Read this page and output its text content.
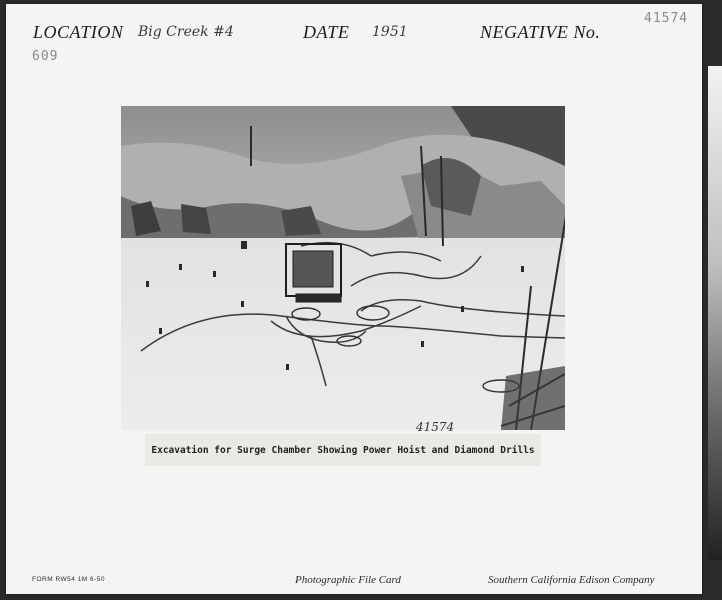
LOCATION Big Creek #4	DATE 1951	NEGATIVE No.
41574
609
41574
Excavation for Surge Chamber Showing Power Hoist and Diamond Drills
FORM RW54 1M 6-50	Photographic File Card	Southern California Edison Company
